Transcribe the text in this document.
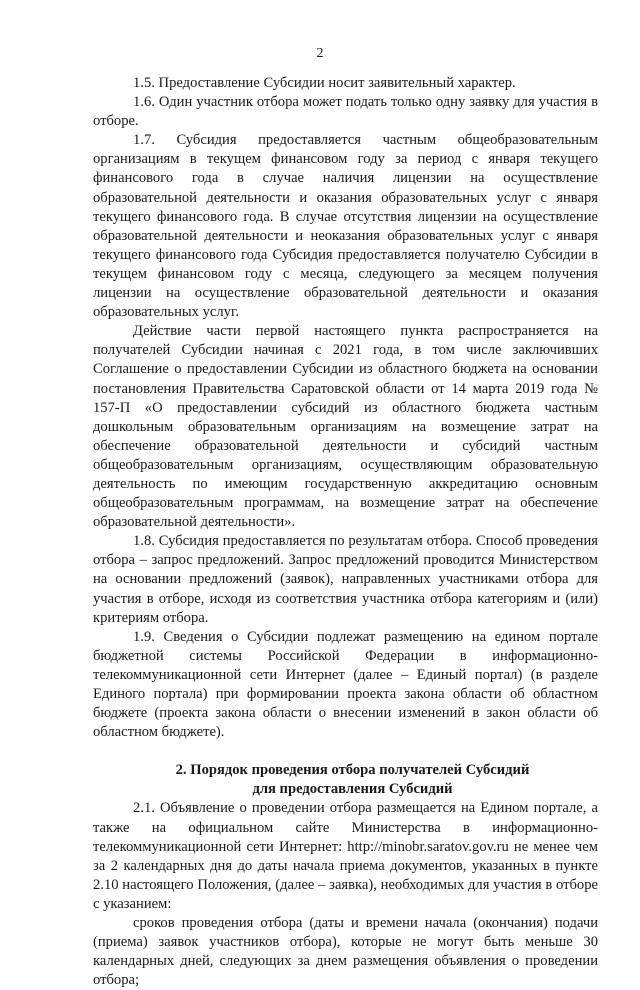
2

1.5. Предоставление Субсидии носит заявительный характер.

1.6. Один участник отбора может подать только одну заявку для участия в отборе.

1.7. Субсидия предоставляется частным общеобразовательным организациям в текущем финансовом году за период с января текущего финансового года в случае наличия лицензии на осуществление образовательной деятельности и оказания образовательных услуг с января текущего финансового года. В случае отсутствия лицензии на осуществление образовательной деятельности и неоказания образовательных услуг с января текущего финансового года Субсидия предоставляется получателю Субсидии в текущем финансовом году с месяца, следующего за месяцем получения лицензии на осуществление образовательной деятельности и оказания образовательных услуг.

Действие части первой настоящего пункта распространяется на получателей Субсидии начиная с 2021 года, в том числе заключивших Соглашение о предоставлении Субсидии из областного бюджета на основании постановления Правительства Саратовской области от 14 марта 2019 года № 157-П «О предоставлении субсидий из областного бюджета частным дошкольным образовательным организациям на возмещение затрат на обеспечение образовательной деятельности и субсидий частным общеобразовательным организациям, осуществляющим образовательную деятельность по имеющим государственную аккредитацию основным общеобразовательным программам, на возмещение затрат на обеспечение образовательной деятельности».

1.8. Субсидия предоставляется по результатам отбора. Способ проведения отбора – запрос предложений. Запрос предложений проводится Министерством на основании предложений (заявок), направленных участниками отбора для участия в отборе, исходя из соответствия участника отбора категориям и (или) критериям отбора.

1.9. Сведения о Субсидии подлежат размещению на едином портале бюджетной системы Российской Федерации в информационно-телекоммуникационной сети Интернет (далее – Единый портал) (в разделе Единого портала) при формировании проекта закона области об областном бюджете (проекта закона области о внесении изменений в закон области об областном бюджете).

2. Порядок проведения отбора получателей Субсидий
для предоставления Субсидий

2.1. Объявление о проведении отбора размещается на Едином портале, а также на официальном сайте Министерства в информационно-телекоммуникационной сети Интернет: http://minobr.saratov.gov.ru не менее чем за 2 календарных дня до даты начала приема документов, указанных в пункте 2.10 настоящего Положения, (далее – заявка), необходимых для участия в отборе с указанием:

сроков проведения отбора (даты и времени начала (окончания) подачи (приема) заявок участников отбора), которые не могут быть меньше 30 календарных дней, следующих за днем размещения объявления о проведении отбора;
